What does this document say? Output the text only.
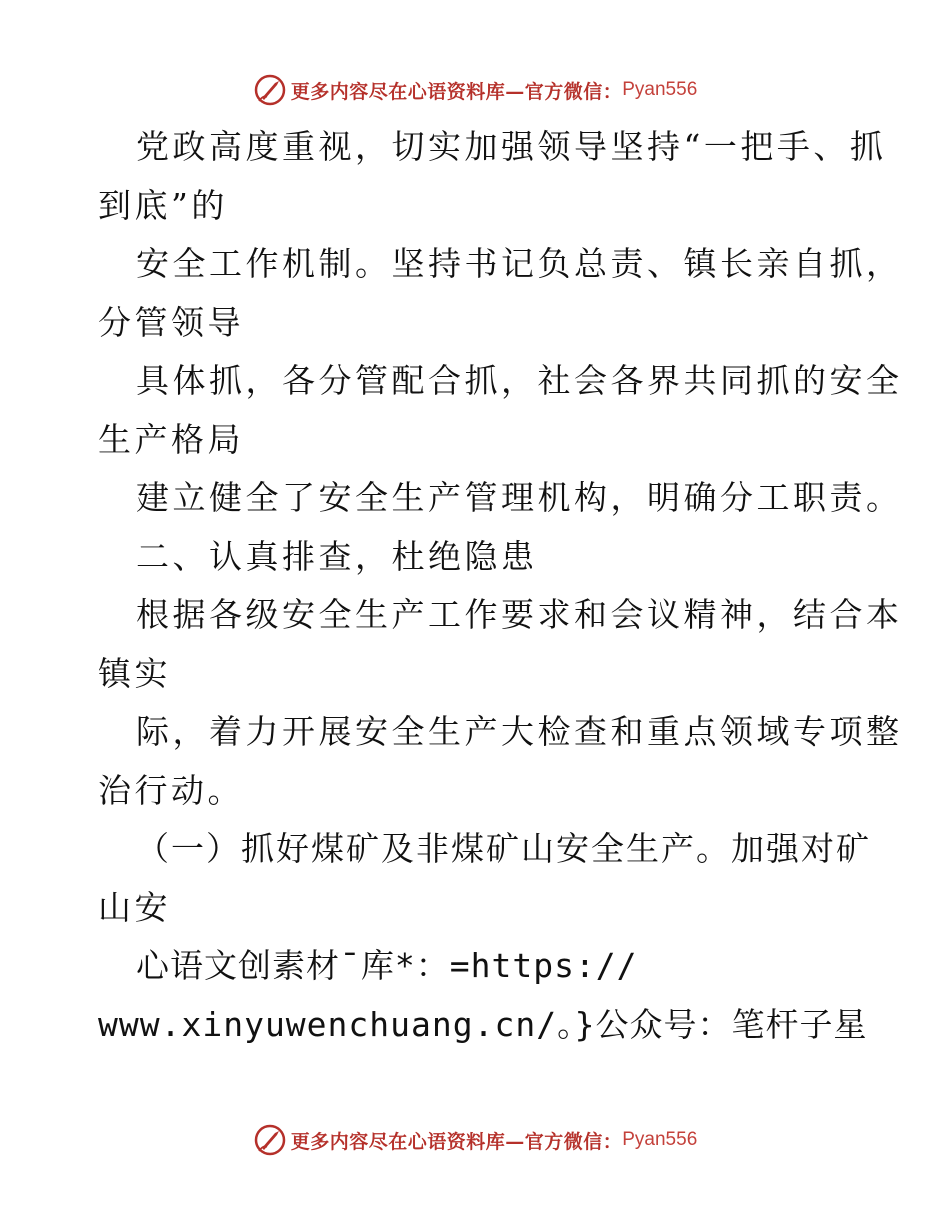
更多内容尽在心语资料库—官方微信： Pyan556

党政高度重视，切实加强领导坚持“一把手、抓

到底”的

安全工作机制。坚持书记负总责、镇长亲自抓，

分管领导

具体抓，各分管配合抓，社会各界共同抓的安全

生产格局

建立健全了安全生产管理机构，明确分工职责。

二、认真排查，杜绝隐患

根据各级安全生产工作要求和会议精神，结合本

镇实

际，着力开展安全生产大检查和重点领域专项整

治行动。

（一）抓好煤矿及非煤矿山安全生产。加强对矿

山安

心语文创素材¯库*：=https://

www.xinyuwenchuang.cn/。}公众号：笔杆子星

更多内容尽在心语资料库—官方微信： Pyan556
